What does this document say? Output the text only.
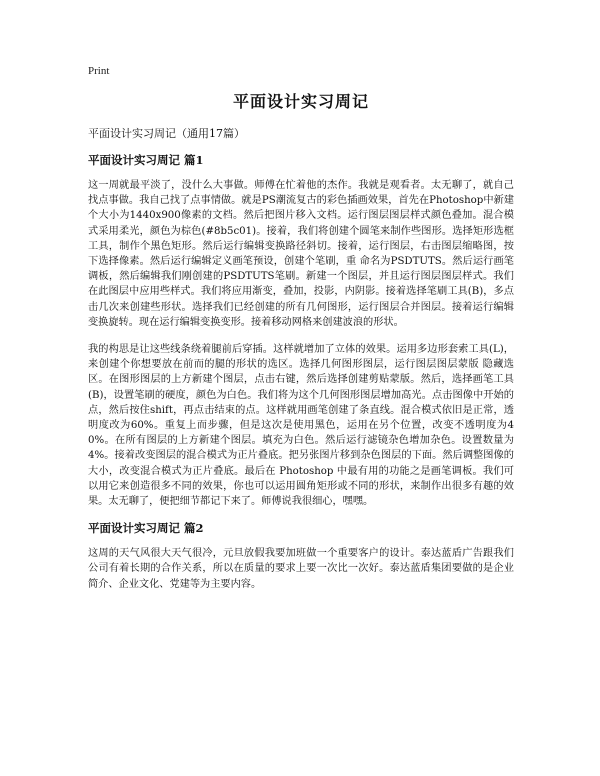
Print
平面设计实习周记

平面设计实习周记（通用17篇）

平面设计实习周记 篇1

这一周就最平淡了，没什么大事做。师傅在忙着他的杰作。我就是观看者。太无聊了，就自己找点事做。我自己找了点事情做。就是PS潮流复古的彩色插画效果，首先在Photoshop中新建个大小为1440x900像素的文档。然后把图片移入文档。运行图层图层样式颜色叠加。混合模式采用柔光，颜色为棕色(#8b5c01)。接着，我们将创建个圆笔来制作些图形。选择矩形选框工具，制作个黑色矩形。然后运行编辑变换路径斜切。接着，运行图层，右击图层缩略图，按下选择像素。然后运行编辑定义画笔预设，创建个笔刷，重 命名为PSDTUTS。然后运行画笔调板，然后编辑我们刚创建的PSDTUTS笔刷。新建一个图层，并且运行图层图层样式。我们在此图层中应用些样式。我们将应用渐变，叠加，投影，内阴影。接着选择笔刷工具(B)，多点击几次来创建些形状。选择我们已经创建的所有几何图形，运行图层合并图层。接着运行编辑变换旋转。现在运行编辑变换变形。接着移动网格来创建波浪的形状。

我的构思是让这些线条绕着腿前后穿插。这样就增加了立体的效果。运用多边形套索工具(L)，来创建个你想要放在前而的腿的形状的选区。选择几何图形图层，运行图层图层蒙版 隐藏选区。在图形图层的上方新建个图层，点击右键，然后选择创建剪贴蒙版。然后，选择画笔工具(B)，设置笔刷的硬度，颜色为白色。我们将为这个几何图形图层增加高光。点击图像中开始的点，然后按住shift，再点击结束的点。这样就用画笔创建了条直线。混合模式依旧是正常，透明度改为60%。重复上而步骤，但是这次是使用黑色，运用在另个位置，改变不透明度为40%。在所有图层的上方新建个图层。填充为白色。然后运行滤镜杂色增加杂色。设置数量为4%。接着改变图层的混合模式为正片叠底。把另张图片移到杂色图层的下面。然后调整图像的大小，改变混合模式为正片叠底。最后在 Photoshop 中最有用的功能之是画笔调板。我们可以用它来创造很多不同的效果，你也可以运用圆角矩形或不同的形状，来制作出很多有趣的效果。太无聊了，便把细节都记下来了。师傅说我很细心，嘿嘿。

平面设计实习周记 篇2

这周的天气风很大天气很冷，元旦放假我要加班做一个重要客户的设计。泰达蓝盾广告跟我们公司有着长期的合作关系，所以在质量的要求上要一次比一次好。泰达蓝盾集团要做的是企业简介、企业文化、党建等为主要内容。
